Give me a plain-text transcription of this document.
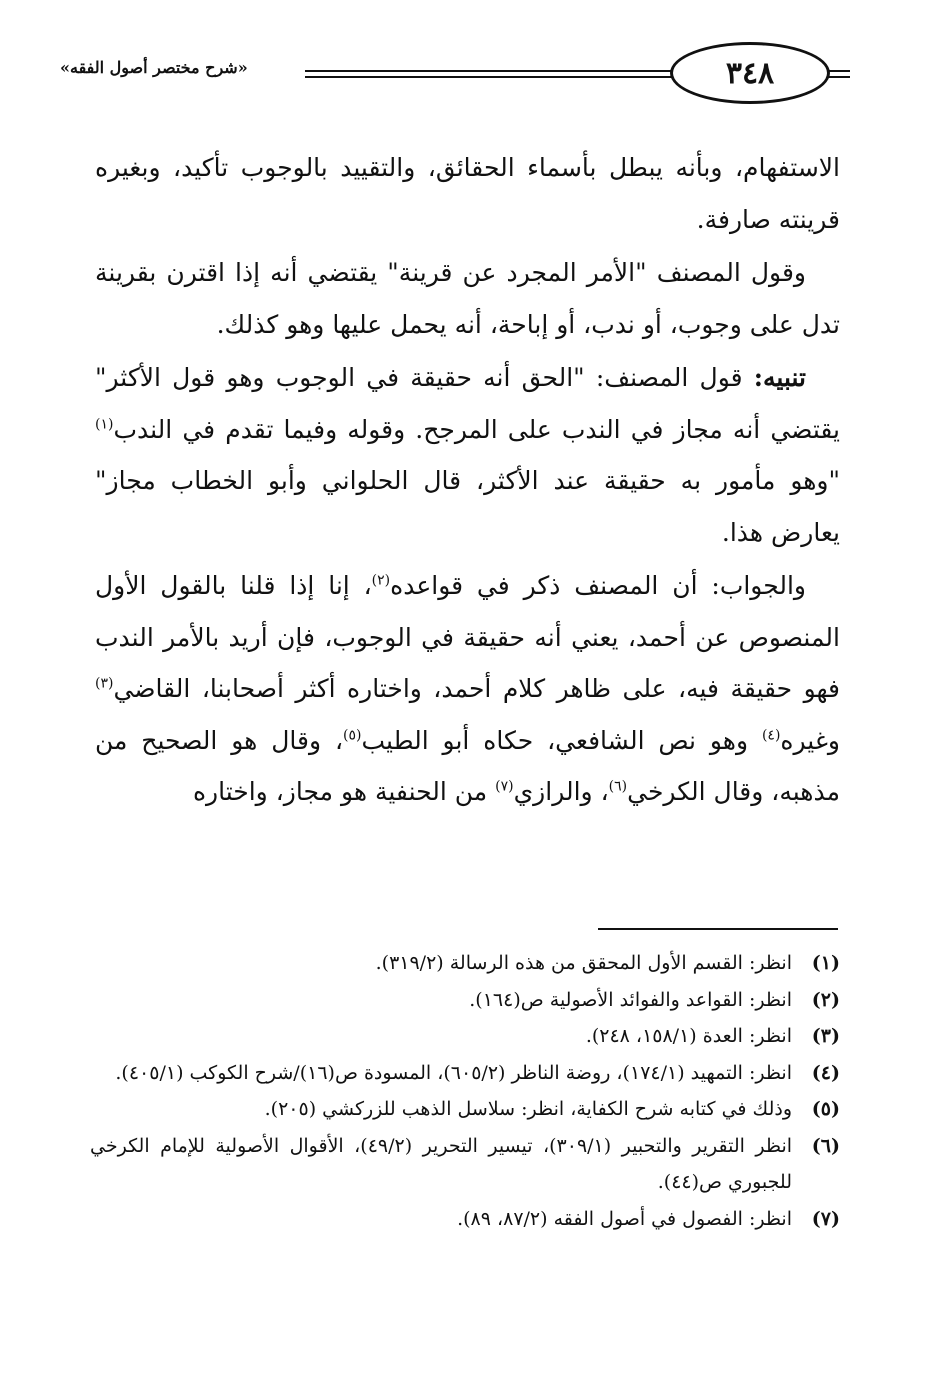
«شرح مختصر أصول الفقه»	٣٤٨

الاستفهام، وبأنه يبطل بأسماء الحقائق، والتقييد بالوجوب تأكيد، وبغيره قرينته صارفة.

وقول المصنف "الأمر المجرد عن قرينة" يقتضي أنه إذا اقترن بقرينة تدل على وجوب، أو ندب، أو إباحة، أنه يحمل عليها وهو كذلك.

تنبيه: قول المصنف: "الحق أنه حقيقة في الوجوب وهو قول الأكثر" يقتضي أنه مجاز في الندب على المرجح. وقوله وفيما تقدم في الندب$^{(١)}$ "وهو مأمور به حقيقة عند الأكثر، قال الحلواني وأبو الخطاب مجاز" يعارض هذا.

والجواب: أن المصنف ذكر في قواعده$^{(٢)}$، إنا إذا قلنا بالقول الأول المنصوص عن أحمد، يعني أنه حقيقة في الوجوب، فإن أريد بالأمر الندب فهو حقيقة فيه، على ظاهر كلام أحمد، واختاره أكثر أصحابنا، القاضي$^{(٣)}$ وغيره$^{(٤)}$ وهو نص الشافعي، حكاه أبو الطيب$^{(٥)}$، وقال هو الصحيح من مذهبه، وقال الكرخي$^{(٦)}$، والرازي$^{(٧)}$ من الحنفية هو مجاز، واختاره

(١)
انظر: القسم الأول المحقق من هذه الرسالة (٣١٩/٢).

(٢)
انظر: القواعد والفوائد الأصولية ص(١٦٤).

(٣)
انظر: العدة (١٥٨/١، ٢٤٨).

(٤)
انظر: التمهيد (١٧٤/١)، روضة الناظر (٦٠٥/٢)، المسودة ص(١٦)/شرح الكوكب (٤٠٥/١).

(٥)
وذلك في كتابه شرح الكفاية، انظر: سلاسل الذهب للزركشي (٢٠٥).

(٦)
انظر التقرير والتحبير (٣٠٩/١)، تيسير التحرير (٤٩/٢)، الأقوال الأصولية للإمام الكرخي للجبوري ص(٤٤).

(٧)
انظر: الفصول في أصول الفقه (٨٧/٢، ٨٩).
